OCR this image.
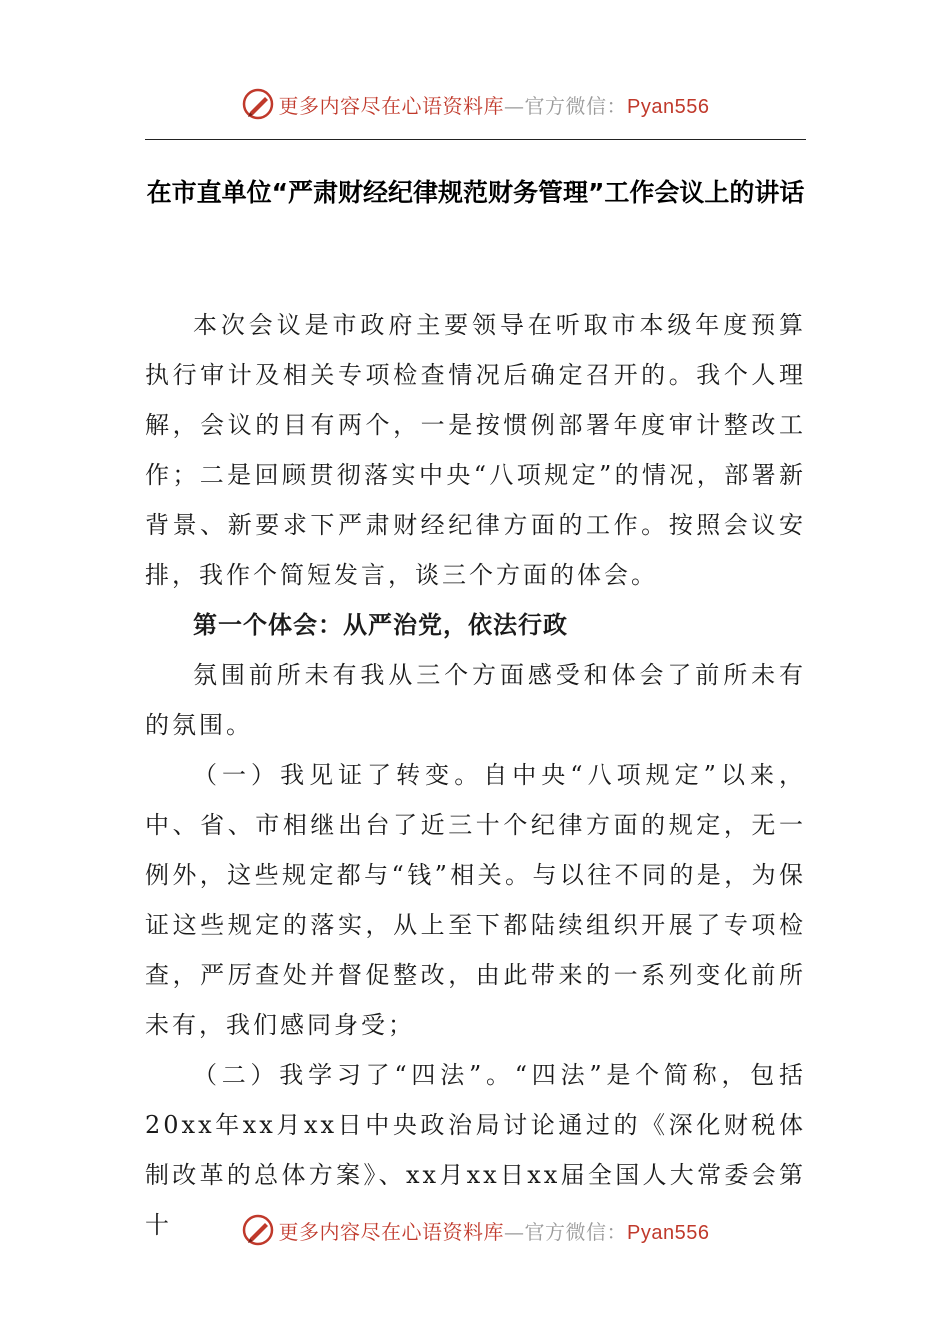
更多内容尽在心语资料库—官方微信：Pyan556
在市直单位“严肃财经纪律规范财务管理”工作会议上的讲话

本次会议是市政府主要领导在听取市本级年度预算执行审计及相关专项检查情况后确定召开的。我个人理解，会议的目有两个，一是按惯例部署年度审计整改工作；二是回顾贯彻落实中央“八项规定”的情况，部署新背景、新要求下严肃财经纪律方面的工作。按照会议安排，我作个简短发言，谈三个方面的体会。

第一个体会：从严治党，依法行政

氛围前所未有我从三个方面感受和体会了前所未有的氛围。

（一）我见证了转变。自中央“八项规定”以来，中、省、市相继出台了近三十个纪律方面的规定，无一例外，这些规定都与“钱”相关。与以往不同的是，为保证这些规定的落实，从上至下都陆续组织开展了专项检查，严厉查处并督促整改，由此带来的一系列变化前所未有，我们感同身受；

（二）我学习了“四法”。“四法”是个简称，包括20xx年xx月xx日中央政治局讨论通过的《深化财税体制改革的总体方案》、xx月xx日xx届全国人大常委会第十	更多内容尽在心语资料库—官方微信：Pyan556
